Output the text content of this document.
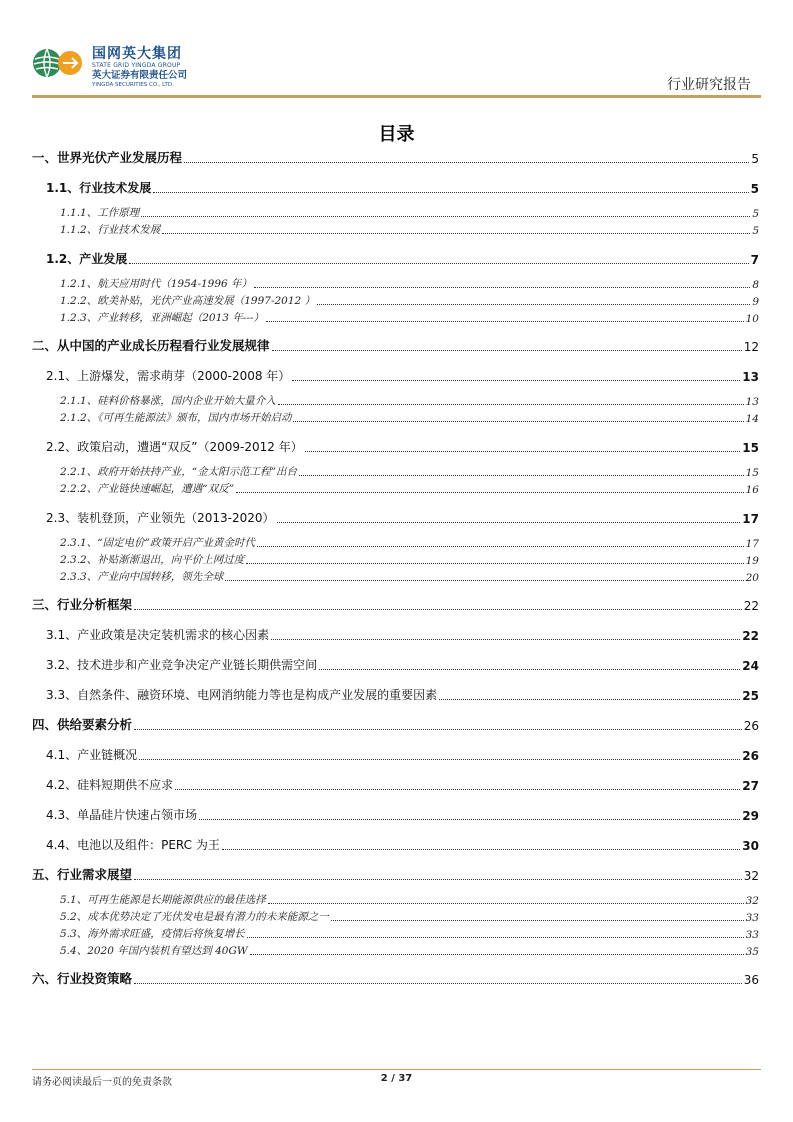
国网英大集团
STATE GRID YINGDA GROUP
英大证券有限责任公司
YINGDA SECURITIES CO., LTD.	行业研究报告
目录
一、世界光伏产业发展历程	5
1.1、行业技术发展	5
1.1.1、工作原理	5
1.1.2、行业技术发展	5
1.2、产业发展	7
1.2.1、航天应用时代（1954-1996 年）	8
1.2.2、欧美补贴，光伏产业高速发展（1997-2012 ）	9
1.2.3、产业转移，亚洲崛起（2013 年---）	10
二、从中国的产业成长历程看行业发展规律	12
2.1、上游爆发，需求萌芽（2000-2008 年）	13
2.1.1、硅料价格暴涨，国内企业开始大量介入	13
2.1.2、《可再生能源法》颁布，国内市场开始启动	14
2.2、政策启动，遭遇“双反”（2009-2012 年）	15
2.2.1、政府开始扶持产业，“金太阳示范工程”出台	15
2.2.2、产业链快速崛起，遭遇“双反”	16
2.3、装机登顶，产业领先（2013-2020）	17
2.3.1、“固定电价”政策开启产业黄金时代	17
2.3.2、补贴渐渐退出，向平价上网过度	19
2.3.3、产业向中国转移，领先全球	20
三、行业分析框架	22
3.1、产业政策是决定装机需求的核心因素	22
3.2、技术进步和产业竞争决定产业链长期供需空间	24
3.3、自然条件、融资环境、电网消纳能力等也是构成产业发展的重要因素	25
四、供给要素分析	26
4.1、产业链概况	26
4.2、硅料短期供不应求	27
4.3、单晶硅片快速占领市场	29
4.4、电池以及组件：PERC 为王	30
五、行业需求展望	32
5.1、可再生能源是长期能源供应的最佳选择	32
5.2、成本优势决定了光伏发电是最有潜力的未来能源之一	33
5.3、海外需求旺盛，疫情后将恢复增长	33
5.4、2020 年国内装机有望达到 40GW	35
六、行业投资策略	36
请务必阅读最后一页的免责条款	2 / 37
